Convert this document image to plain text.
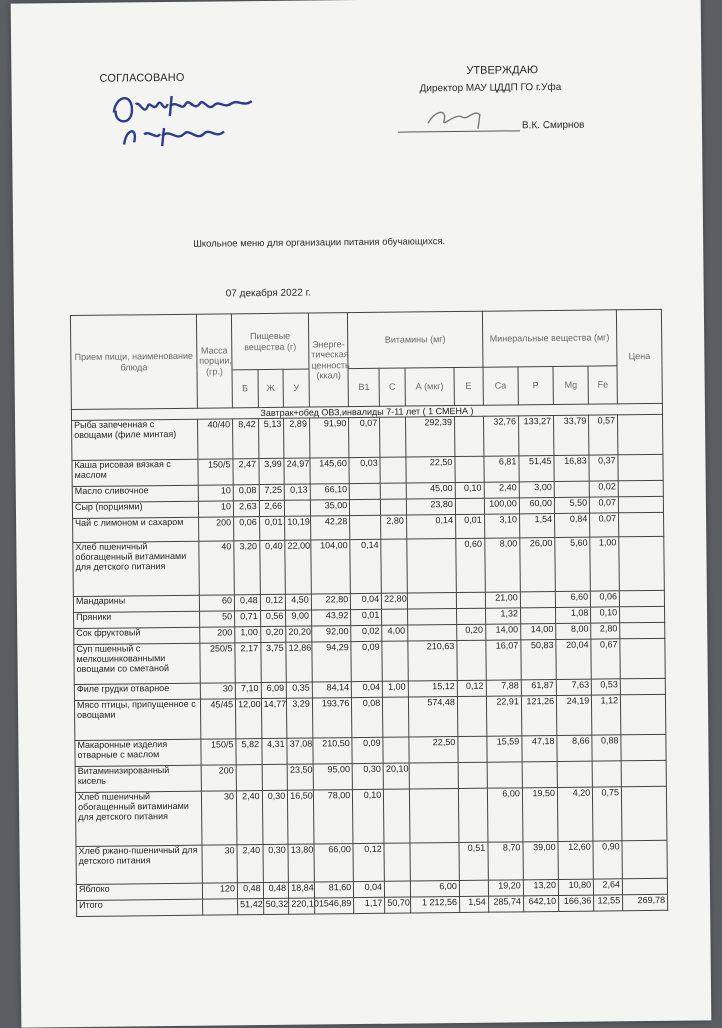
СОГЛАСОВАНО
УТВЕРЖДАЮ
Директор МАУ ЦДДП ГО г.Уфа
В.К. Смирнов
Школьное меню для организации питания обучающихся.
07 декабря 2022 г.
Прием пищи, наименование блюда	Масса порции, (гр.)	Пищевые вещества (г)			Энерге-тическая ценность (ккал)	Витамины (мг)				Минеральные вещества (мг)				Цена
		Б	Ж	У		В1	С	А (мкг)	Е	Ca	P	Mg	Fe	
Завтрак+обед ОВЗ,инвалиды 7-11 лет ( 1 СМЕНА )														
Рыба запеченная с овощами (филе минтая)	40/40	8,42	5,13	2,89	91,90	0,07		292,39		32,76	133,27	33,79	0,57	
Каша рисовая вязкая с маслом	150/5	2,47	3,99	24,97	145,60	0,03		22,50		6,81	51,45	16,83	0,37	
Масло сливочное	10	0,08	7,25	0,13	66,10			45,00	0,10	2,40	3,00		0,02	
Сыр (порциями)	10	2,63	2,66		35,00			23,80		100,00	60,00	5,50	0,07	
Чай с лимоном и сахаром	200	0,06	0,01	10,19	42,28		2,80	0,14	0,01	3,10	1,54	0,84	0,07	
Хлеб пшеничный обогащенный витаминами для детского питания	40	3,20	0,40	22,00	104,00	0,14			0,60	8,00	26,00	5,60	1,00	
Мандарины	60	0,48	0,12	4,50	22,80	0,04	22,80			21,00		6,60	0,06	
Пряники	50	0,71	0,56	9,00	43,92	0,01				1,32		1,08	0,10	
Сок фруктовый	200	1,00	0,20	20,20	92,00	0,02	4,00		0,20	14,00	14,00	8,00	2,80	
Суп пшенный с мелкошинкованными овощами со сметаной	250/5	2,17	3,75	12,86	94,29	0,09		210,63		16,07	50,83	20,04	0,67	
Филе грудки отварное	30	7,10	6,09	0,35	84,14	0,04	1,00	15,12	0,12	7,88	61,87	7,63	0,53	
Мясо птицы, припущенное с овощами	45/45	12,00	14,77	3,29	193,76	0,08		574,48		22,91	121,26	24,19	1,12	
Макаронные изделия отварные с маслом	150/5	5,82	4,31	37,08	210,50	0,09		22,50		15,59	47,18	8,66	0,88	
Витаминизированный кисель	200			23,50	95,00	0,30	20,10							
Хлеб пшеничный обогащенный витаминами для детского питания	30	2,40	0,30	16,50	78,00	0,10				6,00	19,50	4,20	0,75	
Хлеб ржано-пшеничный для детского питания	30	2,40	0,30	13,80	66,00	0,12			0,51	8,70	39,00	12,60	0,90	
Яблоко	120	0,48	0,48	18,84	81,60	0,04		6,00		19,20	13,20	10,80	2,64	
Итого		51,42	50,32	220,10	1546,89	1,17	50,70	1 212,56	1,54	285,74	642,10	166,36	12,55	269,78
